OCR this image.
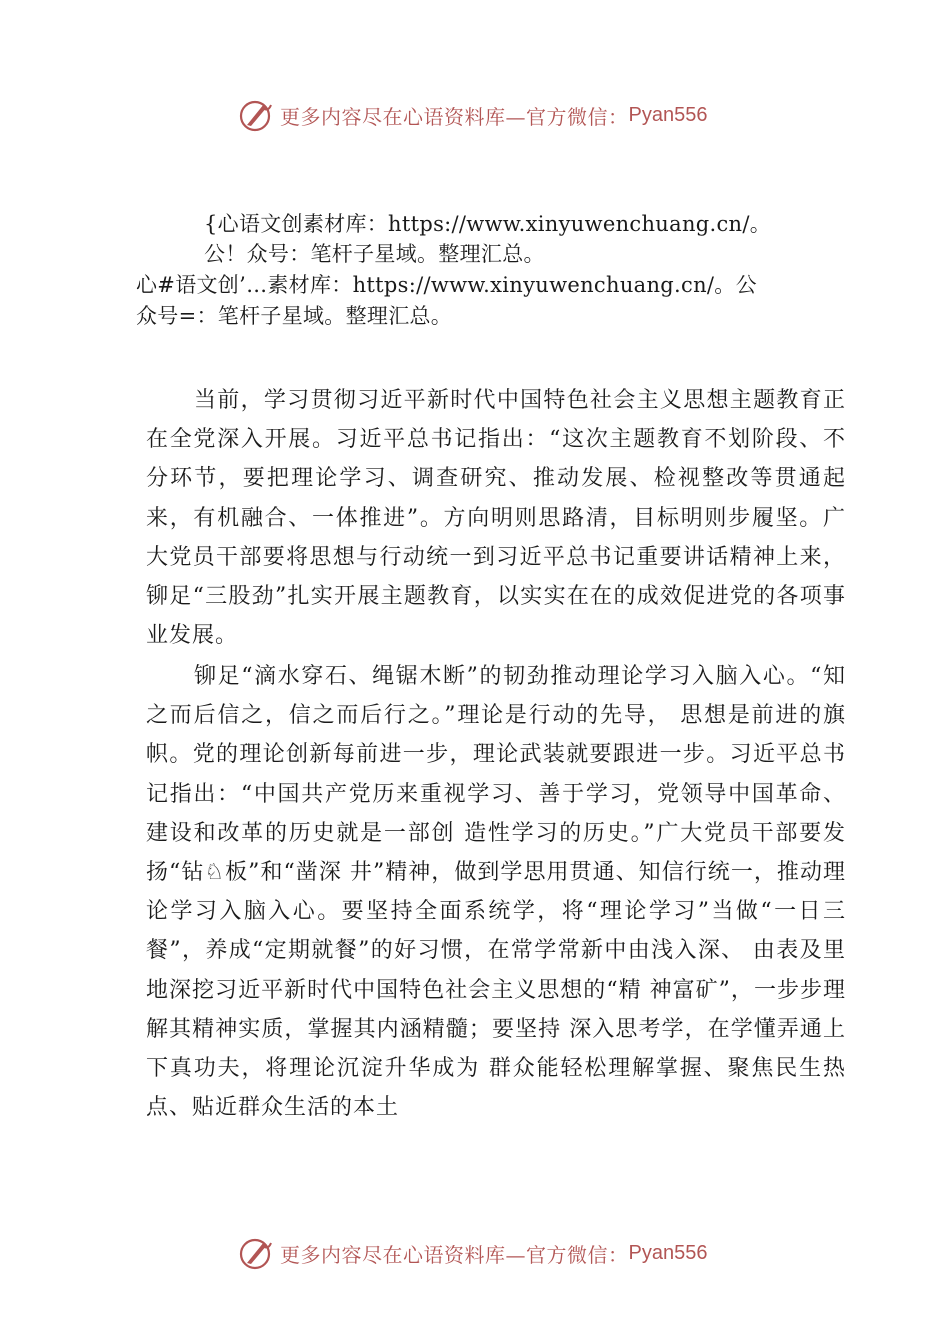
更多内容尽在心语资料库—官方微信： Pyan556
{心语文创素材库：https://www.xinyuwenchuang.cn/。
公！众号：笔杆子星域。整理汇总。
心#语文创’…素材库：https://www.xinyuwenchuang.cn/。公
众号=：笔杆子星域。整理汇总。

当前，学习贯彻习近平新时代中国特色社会主义思想主题教育正在全党深入开展。习近平总书记指出：“这次主题教育不划阶段、不分环节，要把理论学习、调查研究、推动发展、检视整改等贯通起来，有机融合、一体推进”。方向明则思路清，目标明则步履坚。广大党员干部要将思想与行动统一到习近平总书记重要讲话精神上来，铆足“三股劲”扎实开展主题教育，以实实在在的成效促进党的各项事业发展。

铆足“滴水穿石、绳锯木断”的韧劲推动理论学习入脑入心。“知之而后信之，信之而后行之。”理论是行动的先导， 思想是前进的旗帜。党的理论创新每前进一步，理论武装就要跟进一步。习近平总书记指出：“中国共产党历来重视学习、善于学习，党领导中国革命、建设和改革的历史就是一部创 造性学习的历史。”广大党员干部要发扬“钻♘板”和“凿深 井”精神，做到学思用贯通、知信行统一，推动理论学习入脑入心。要坚持全面系统学，将“理论学习”当做“一日三 餐”，养成“定期就餐”的好习惯，在常学常新中由浅入深、 由表及里地深挖习近平新时代中国特色社会主义思想的“精 神富矿”，一步步理解其精神实质，掌握其内涵精髓；要坚持 深入思考学，在学懂弄通上下真功夫，将理论沉淀升华成为 群众能轻松理解掌握、聚焦民生热点、贴近群众生活的本土

更多内容尽在心语资料库—官方微信： Pyan556
